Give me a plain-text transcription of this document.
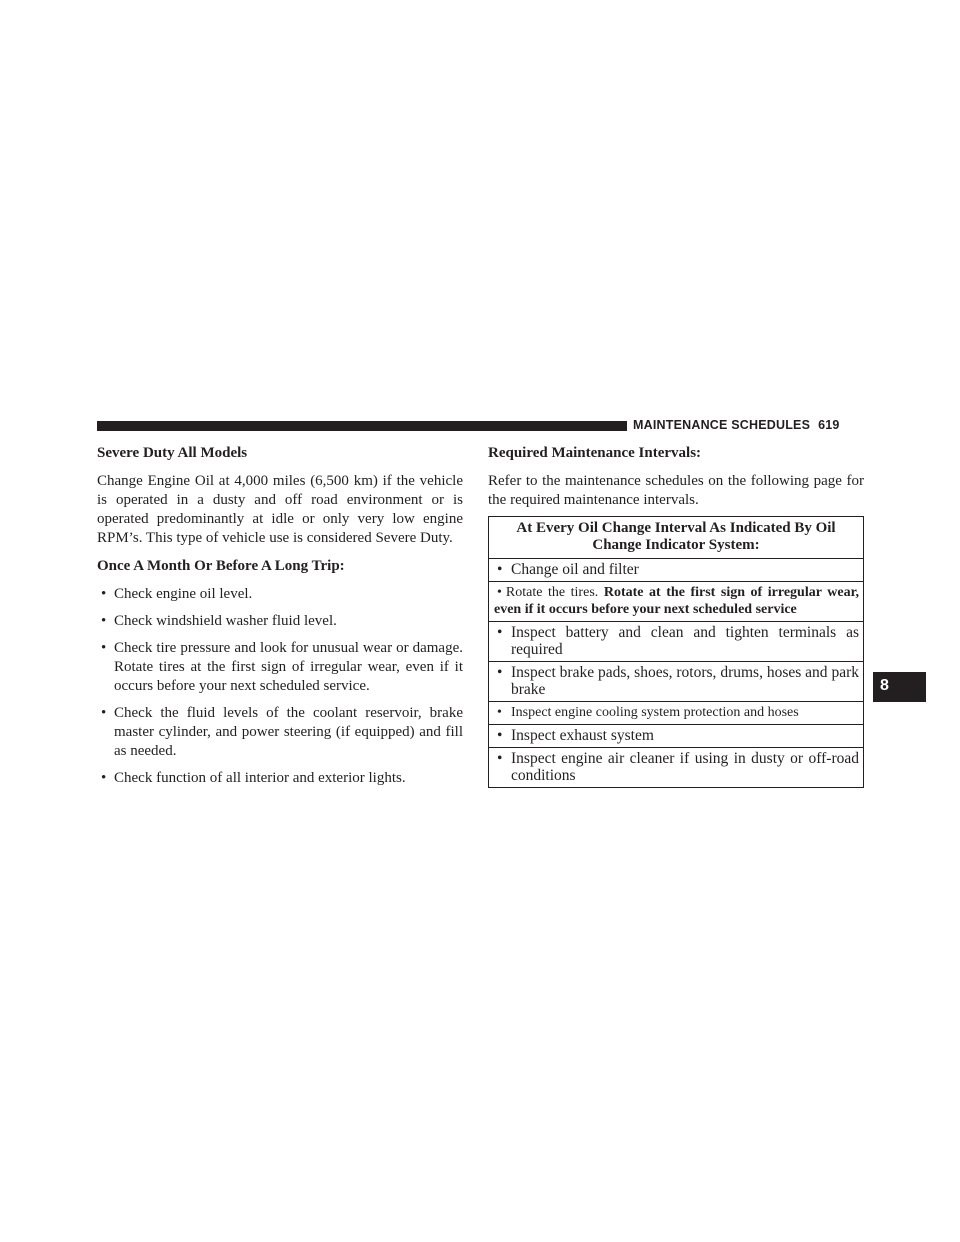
MAINTENANCE SCHEDULES 619
Severe Duty All Models
Change Engine Oil at 4,000 miles (6,500 km) if the vehicle is operated in a dusty and off road environment or is operated predominantly at idle or only very low engine RPM’s. This type of vehicle use is considered Severe Duty.
Once A Month Or Before A Long Trip:
• Check engine oil level.
• Check windshield washer fluid level.
• Check tire pressure and look for unusual wear or damage. Rotate tires at the first sign of irregular wear, even if it occurs before your next scheduled service.
• Check the fluid levels of the coolant reservoir, brake master cylinder, and power steering (if equipped) and fill as needed.
• Check function of all interior and exterior lights.
Required Maintenance Intervals:
Refer to the maintenance schedules on the following page for the required maintenance intervals.
At Every Oil Change Interval As Indicated By Oil Change Indicator System:
• Change oil and filter
• Rotate the tires. Rotate at the first sign of irregular wear, even if it occurs before your next scheduled service
• Inspect battery and clean and tighten terminals as required
• Inspect brake pads, shoes, rotors, drums, hoses and park brake
• Inspect engine cooling system protection and hoses
• Inspect exhaust system
• Inspect engine air cleaner if using in dusty or off-road conditions
8
